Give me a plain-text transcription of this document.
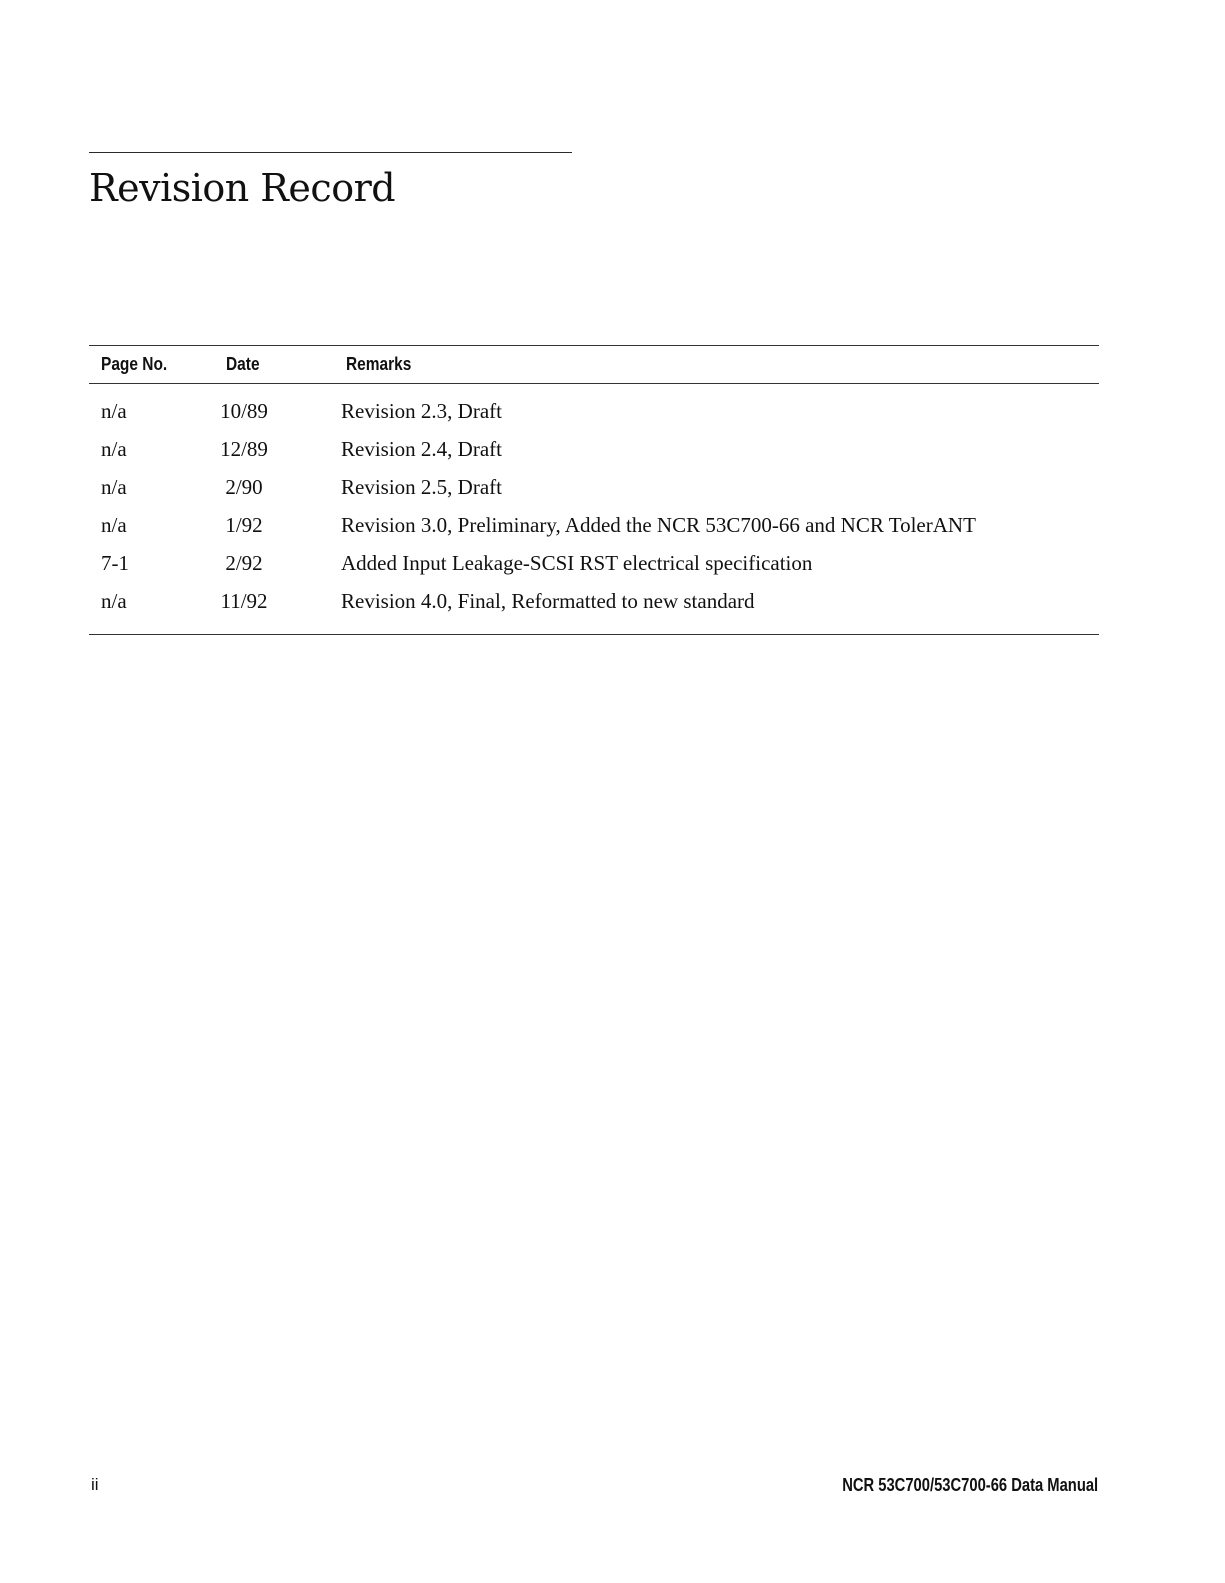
Revision Record
Page No.	Date	Remarks
n/a	10/89	Revision 2.3, Draft
n/a	12/89	Revision 2.4, Draft
n/a	2/90	Revision 2.5, Draft
n/a	1/92	Revision 3.0, Preliminary, Added the NCR 53C700-66 and NCR TolerANT
7-1	2/92	Added Input Leakage-SCSI RST electrical specification
n/a	11/92	Revision 4.0, Final, Reformatted to new standard
ii	NCR 53C700/53C700-66 Data Manual
